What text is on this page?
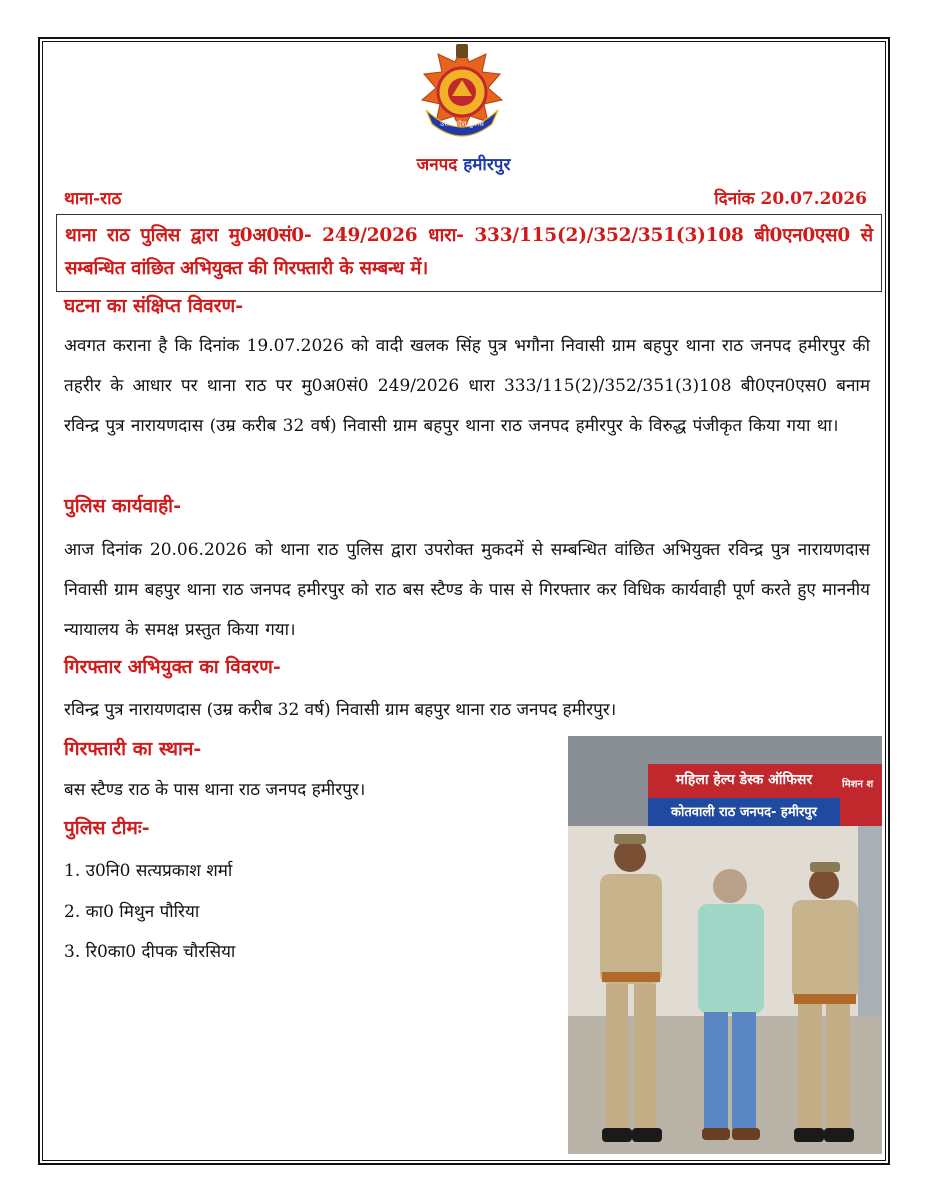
उत्तर प्रदेश पुलिस
जनपद हमीरपुर
थाना-राठ	दिनांक 20.07.2026
थाना राठ पुलिस द्वारा मु0अ0सं0- 249/2026 धारा- 333/115(2)/352/351(3)108 बी0एन0एस0 से सम्बन्धित वांछित अभियुक्त की गिरफ्तारी के सम्बन्ध में।
घटना का संक्षिप्त विवरण-
अवगत कराना है कि दिनांक 19.07.2026 को वादी खलक सिंह पुत्र भगौना निवासी ग्राम बहपुर थाना राठ जनपद हमीरपुर की तहरीर के आधार पर थाना राठ पर मु0अ0सं0 249/2026 धारा 333/115(2)/352/351(3)108 बी0एन0एस0 बनाम रविन्द्र पुत्र नारायणदास (उम्र करीब 32 वर्ष) निवासी ग्राम बहपुर थाना राठ जनपद हमीरपुर के विरुद्ध पंजीकृत किया गया था।
पुलिस कार्यवाही-
आज दिनांक 20.06.2026 को थाना राठ पुलिस द्वारा उपरोक्त मुकदमें से सम्बन्धित वांछित अभियुक्त रविन्द्र पुत्र नारायणदास निवासी ग्राम बहपुर थाना राठ जनपद हमीरपुर को राठ बस स्टैण्ड के पास से गिरफ्तार कर विधिक कार्यवाही पूर्ण करते हुए माननीय न्यायालय के समक्ष प्रस्तुत किया गया।
गिरफ्तार अभियुक्त का विवरण-
रविन्द्र पुत्र नारायणदास (उम्र करीब 32 वर्ष) निवासी ग्राम बहपुर थाना राठ जनपद हमीरपुर।
गिरफ्तारी का स्थान-
बस स्टैण्ड राठ के पास थाना राठ जनपद हमीरपुर।
पुलिस टीमः-
1. उ0नि0 सत्यप्रकाश शर्मा
2. का0 मिथुन पौरिया
3. रि0का0 दीपक चौरसिया
महिला हेल्प डेस्क ऑफिसर
कोतवाली राठ जनपद- हमीरपुर
मिशन श
